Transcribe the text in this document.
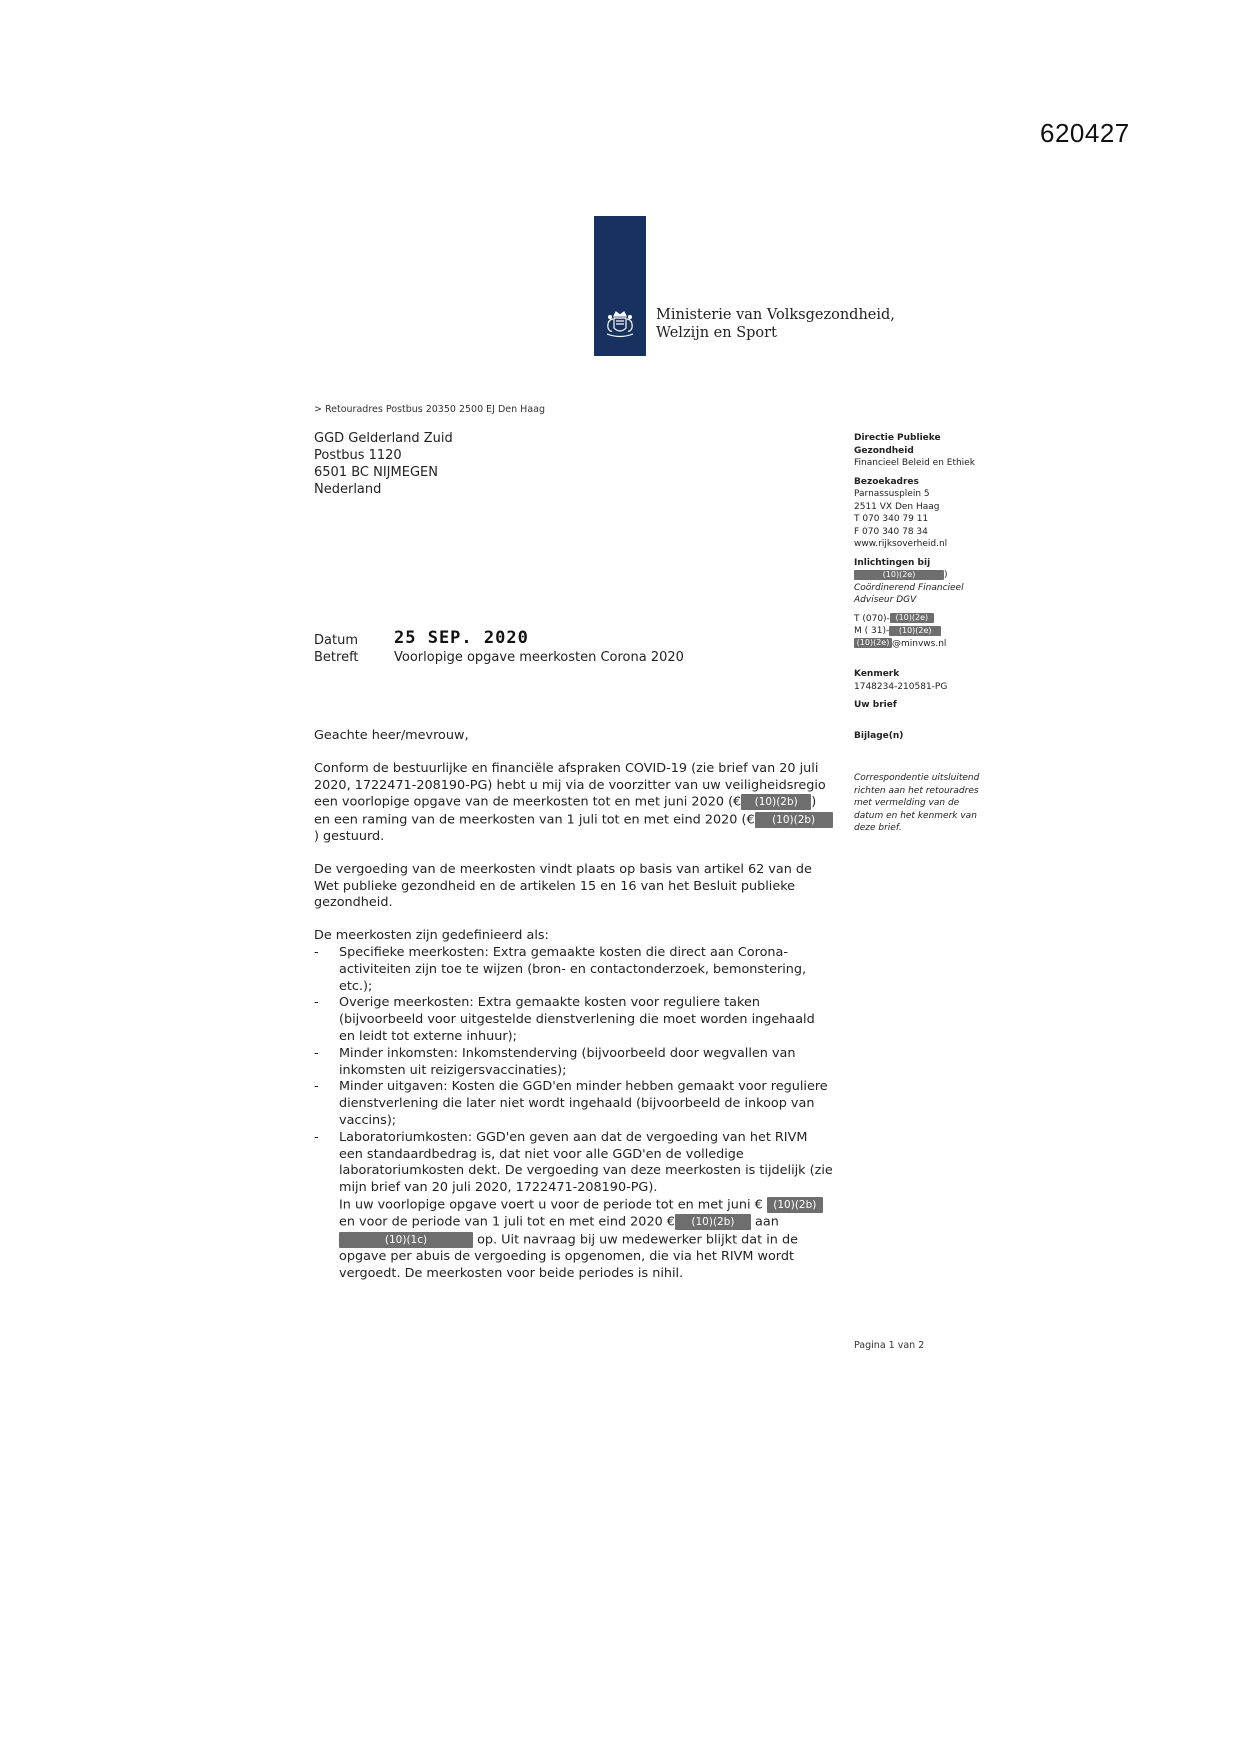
620427
Ministerie van Volksgezondheid,
Welzijn en Sport
> Retouradres Postbus 20350 2500 EJ Den Haag
GGD Gelderland Zuid
Postbus 1120
6501 BC NIJMEGEN
Nederland
Directie Publieke
Gezondheid
Financieel Beleid en Ethiek
Bezoekadres
Parnassusplein 5
2511 VX Den Haag
T 070 340 79 11
F 070 340 78 34
www.rijksoverheid.nl
Inlichtingen bij
(10)(2e)	)
Coördinerend Financieel
Adviseur DGV
T (070)- (10)(2e)
M ( 31)- (10)(2e)
(10)(2e) @minvws.nl
Kenmerk
1748234-210581-PG
Uw brief
Bijlage(n)
Correspondentie uitsluitend
richten aan het retouradres
met vermelding van de
datum en het kenmerk van
deze brief.
Datum 25 SEP. 2020
Betreft	Voorlopige opgave meerkosten Corona 2020

Geachte heer/mevrouw,

Conform de bestuurlijke en financiële afspraken COVID-19 (zie brief van 20 juli 2020, 1722471-208190-PG) hebt u mij via de voorzitter van uw veiligheidsregio een voorlopige opgave van de meerkosten tot en met juni 2020 (€ (10)(2b) ) en een raming van de meerkosten van 1 juli tot en met eind 2020 (€ (10)(2b)) gestuurd.

De vergoeding van de meerkosten vindt plaats op basis van artikel 62 van de Wet publieke gezondheid en de artikelen 15 en 16 van het Besluit publieke gezondheid.

De meerkosten zijn gedefinieerd als:
- Specifieke meerkosten: Extra gemaakte kosten die direct aan Corona-activiteiten zijn toe te wijzen (bron- en contactonderzoek, bemonstering, etc.);
- Overige meerkosten: Extra gemaakte kosten voor reguliere taken (bijvoorbeeld voor uitgestelde dienstverlening die moet worden ingehaald en leidt tot externe inhuur);
- Minder inkomsten: Inkomstenderving (bijvoorbeeld door wegvallen van inkomsten uit reizigersvaccinaties);
- Minder uitgaven: Kosten die GGD'en minder hebben gemaakt voor reguliere dienstverlening die later niet wordt ingehaald (bijvoorbeeld de inkoop van vaccins);
- Laboratoriumkosten: GGD'en geven aan dat de vergoeding van het RIVM een standaardbedrag is, dat niet voor alle GGD'en de volledige laboratoriumkosten dekt. De vergoeding van deze meerkosten is tijdelijk (zie mijn brief van 20 juli 2020, 1722471-208190-PG).
In uw voorlopige opgave voert u voor de periode tot en met juni € (10)(2b) en voor de periode van 1 juli tot en met eind 2020 € (10)(2b) aan (10)(1c)	op. Uit navraag bij uw medewerker blijkt dat in de opgave per abuis de vergoeding is opgenomen, die via het RIVM wordt vergoedt. De meerkosten voor beide periodes is nihil.
Pagina 1 van 2
